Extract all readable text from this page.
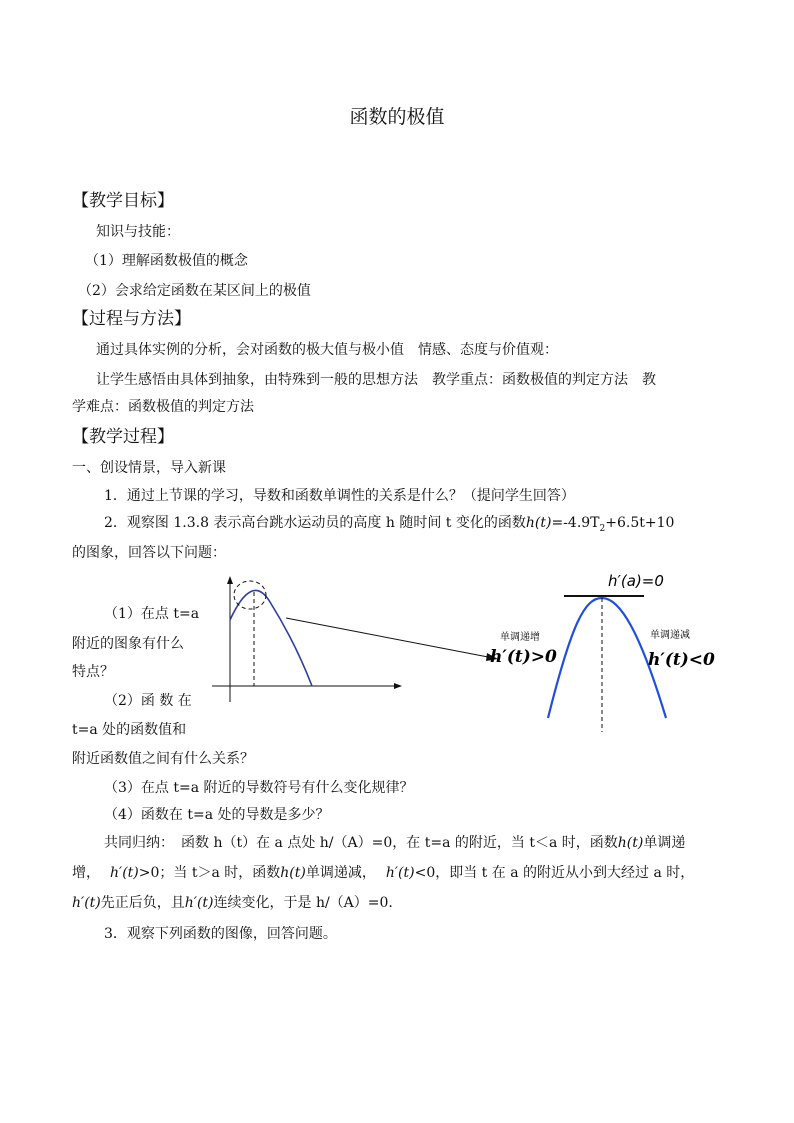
函数的极值
【教学目标】
知识与技能：
（1）理解函数极值的概念
（2）会求给定函数在某区间上的极值
【过程与方法】
通过具体实例的分析，会对函数的极大值与极小值　情感、态度与价值观：
让学生感悟由具体到抽象，由特殊到一般的思想方法　教学重点：函数极值的判定方法　教
学难点：函数极值的判定方法
【教学过程】
一、创设情景，导入新课
1．通过上节课的学习，导数和函数单调性的关系是什么？（提问学生回答）
2．观察图 1.3.8 表示高台跳水运动员的高度 h 随时间 t 变化的函数$h(t)=-4.9T_2+6.5t+10$
的图象，回答以下问题：
（1）在点 t=a
附近的图象有什么
特点？
（2）函 数 在
t=a 处的函数值和
附近函数值之间有什么关系？
（3）在点 t=a 附近的导数符号有什么变化规律？
（4）函数在 t=a 处的导数是多少？
共同归纳：　函数 h（t）在 a 点处 h/（A）=0，在 t=a 的附近，当 t＜a 时，函数h(t)单调递
增， h′(t)>0；当 t＞a 时，函数h(t)单调递减， h′(t)<0，即当 t 在 a 的附近从小到大经过 a 时，
h′(t)先正后负，且h′(t)连续变化，于是 h/（A）=0.
3．观察下列函数的图像，回答问题。
h′(a)=0
单调递增
h′(t)>0
单调递减
h′(t)<0
